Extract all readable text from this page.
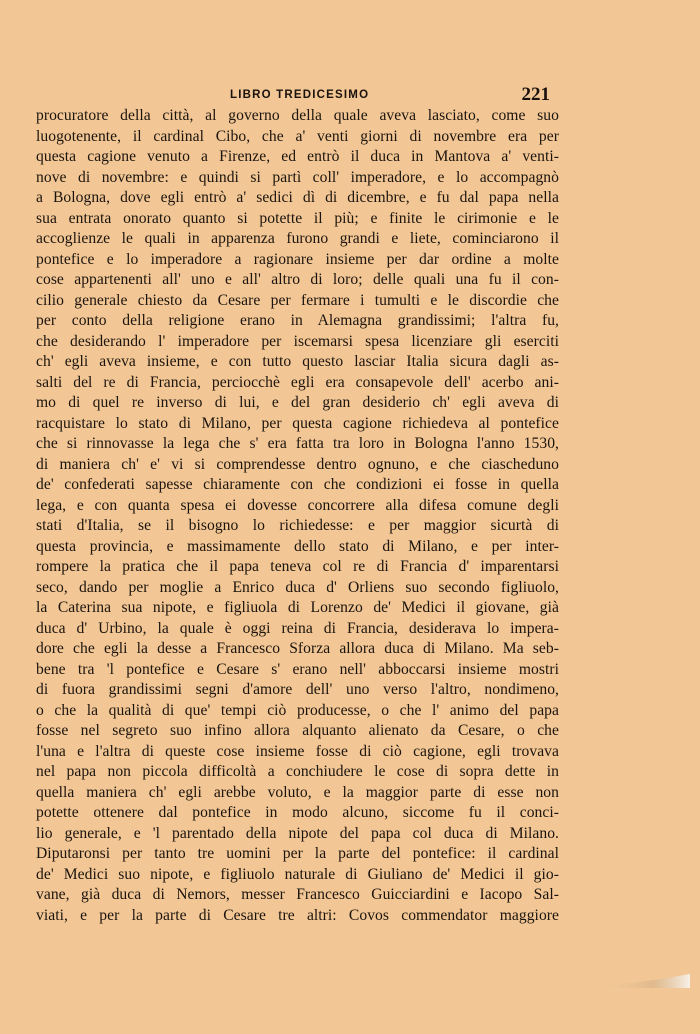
LIBRO TREDICESIMO	221
procuratore della città, al governo della quale aveva lasciato, come suo
luogotenente, il cardinal Cibo, che a' venti giorni di novembre era per
questa cagione venuto a Firenze, ed entrò il duca in Mantova a' venti-
nove di novembre: e quindi si partì coll' imperadore, e lo accompagnò
a Bologna, dove egli entrò a' sedici dì di dicembre, e fu dal papa nella
sua entrata onorato quanto si potette il più; e finite le cirimonie e le
accoglienze le quali in apparenza furono grandi e liete, cominciarono il
pontefice e lo imperadore a ragionare insieme per dar ordine a molte
cose appartenenti all' uno e all' altro di loro; delle quali una fu il con-
cilio generale chiesto da Cesare per fermare i tumulti e le discordie che
per conto della religione erano in Alemagna grandissimi; l'altra fu,
che desiderando l' imperadore per iscemarsi spesa licenziare gli eserciti
ch' egli aveva insieme, e con tutto questo lasciar Italia sicura dagli as-
salti del re di Francia, perciocchè egli era consapevole dell' acerbo ani-
mo di quel re inverso di lui, e del gran desiderio ch' egli aveva di
racquistare lo stato di Milano, per questa cagione richiedeva al pontefice
che si rinnovasse la lega che s' era fatta tra loro in Bologna l'anno 1530,
di maniera ch' e' vi si comprendesse dentro ognuno, e che ciascheduno
de' confederati sapesse chiaramente con che condizioni ei fosse in quella
lega, e con quanta spesa ei dovesse concorrere alla difesa comune degli
stati d'Italia, se il bisogno lo richiedesse: e per maggior sicurtà di
questa provincia, e massimamente dello stato di Milano, e per inter-
rompere la pratica che il papa teneva col re di Francia d' imparentarsi
seco, dando per moglie a Enrico duca d' Orliens suo secondo figliuolo,
la Caterina sua nipote, e figliuola di Lorenzo de' Medici il giovane, già
duca d' Urbino, la quale è oggi reina di Francia, desiderava lo impera-
dore che egli la desse a Francesco Sforza allora duca di Milano. Ma seb-
bene tra 'l pontefice e Cesare s' erano nell' abboccarsi insieme mostri
di fuora grandissimi segni d'amore dell' uno verso l'altro, nondimeno,
o che la qualità di que' tempi ciò producesse, o che l' animo del papa
fosse nel segreto suo infino allora alquanto alienato da Cesare, o che
l'una e l'altra di queste cose insieme fosse di ciò cagione, egli trovava
nel papa non piccola difficoltà a conchiudere le cose di sopra dette in
quella maniera ch' egli arebbe voluto, e la maggior parte di esse non
potette ottenere dal pontefice in modo alcuno, siccome fu il conci-
lio generale, e 'l parentado della nipote del papa col duca di Milano.
Diputaronsi per tanto tre uomini per la parte del pontefice: il cardinal
de' Medici suo nipote, e figliuolo naturale di Giuliano de' Medici il gio-
vane, già duca di Nemors, messer Francesco Guicciardini e Iacopo Sal-
viati, e per la parte di Cesare tre altri: Covos commendator maggiore
